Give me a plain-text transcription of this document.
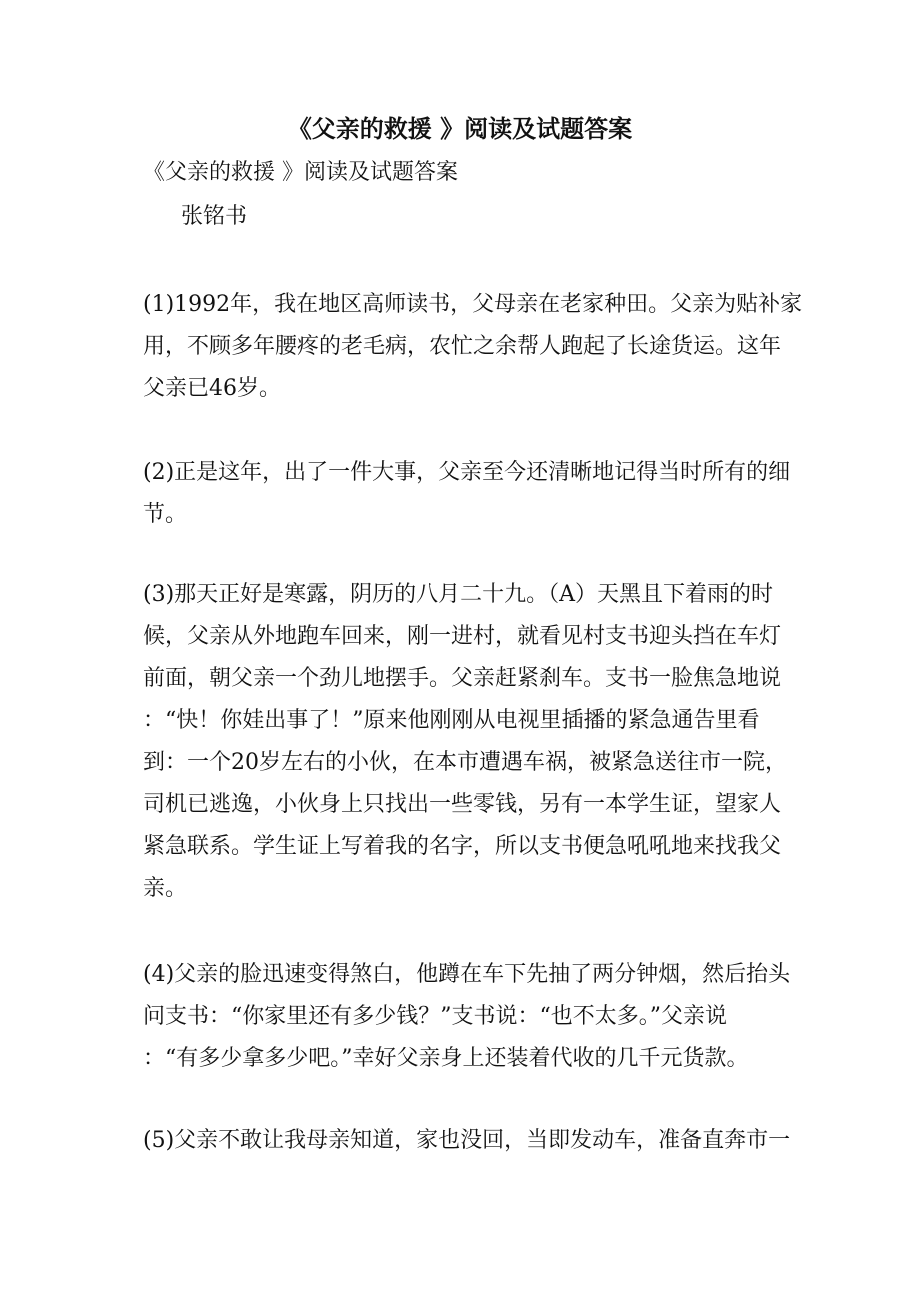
《父亲的救援 》阅读及试题答案
《父亲的救援 》阅读及试题答案
张铭书
(1)1992年，我在地区高师读书，父母亲在老家种田。父亲为贴补家
用，不顾多年腰疼的老毛病，农忙之余帮人跑起了长途货运。这年
父亲已46岁。
(2)正是这年，出了一件大事，父亲至今还清晰地记得当时所有的细
节。
(3)那天正好是寒露，阴历的八月二十九。（A）天黑且下着雨的时
候，父亲从外地跑车回来，刚一进村，就看见村支书迎头挡在车灯
前面，朝父亲一个劲儿地摆手。父亲赶紧刹车。支书一脸焦急地说
：“快！你娃出事了！”原来他刚刚从电视里插播的紧急通告里看
到：一个20岁左右的小伙，在本市遭遇车祸，被紧急送往市一院，
司机已逃逸，小伙身上只找出一些零钱，另有一本学生证，望家人
紧急联系。学生证上写着我的名字，所以支书便急吼吼地来找我父
亲。
(4)父亲的脸迅速变得煞白，他蹲在车下先抽了两分钟烟，然后抬头
问支书：“你家里还有多少钱？”支书说：“也不太多。”父亲说
：“有多少拿多少吧。”幸好父亲身上还装着代收的几千元货款。
(5)父亲不敢让我母亲知道，家也没回，当即发动车，准备直奔市一
